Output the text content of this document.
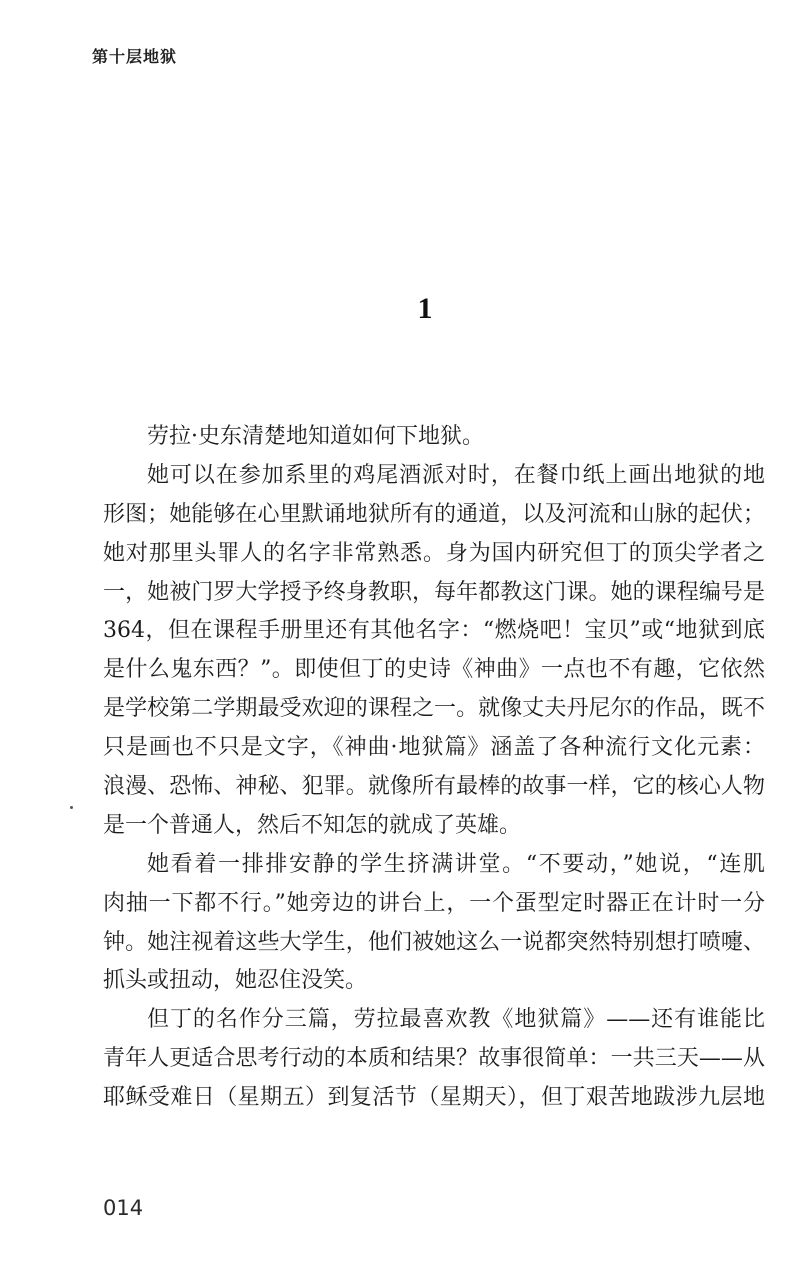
第十层地狱
1
劳拉·史东清楚地知道如何下地狱。
她可以在参加系里的鸡尾酒派对时，在餐巾纸上画出地狱的地
形图；她能够在心里默诵地狱所有的通道，以及河流和山脉的起伏；
她对那里头罪人的名字非常熟悉。身为国内研究但丁的顶尖学者之
一，她被门罗大学授予终身教职，每年都教这门课。她的课程编号是
364，但在课程手册里还有其他名字：“燃烧吧！宝贝”或“地狱到底
是什么鬼东西？”。即使但丁的史诗《神曲》一点也不有趣，它依然
是学校第二学期最受欢迎的课程之一。就像丈夫丹尼尔的作品，既不
只是画也不只是文字，《神曲·地狱篇》涵盖了各种流行文化元素：
浪漫、恐怖、神秘、犯罪。就像所有最棒的故事一样，它的核心人物
是一个普通人，然后不知怎的就成了英雄。
她看着一排排安静的学生挤满讲堂。“不要动，”她说，“连肌
肉抽一下都不行。”她旁边的讲台上，一个蛋型定时器正在计时一分
钟。她注视着这些大学生，他们被她这么一说都突然特别想打喷嚏、
抓头或扭动，她忍住没笑。
但丁的名作分三篇，劳拉最喜欢教《地狱篇》——还有谁能比
青年人更适合思考行动的本质和结果？故事很简单：一共三天——从
耶稣受难日（星期五）到复活节（星期天），但丁艰苦地跋涉九层地
014
